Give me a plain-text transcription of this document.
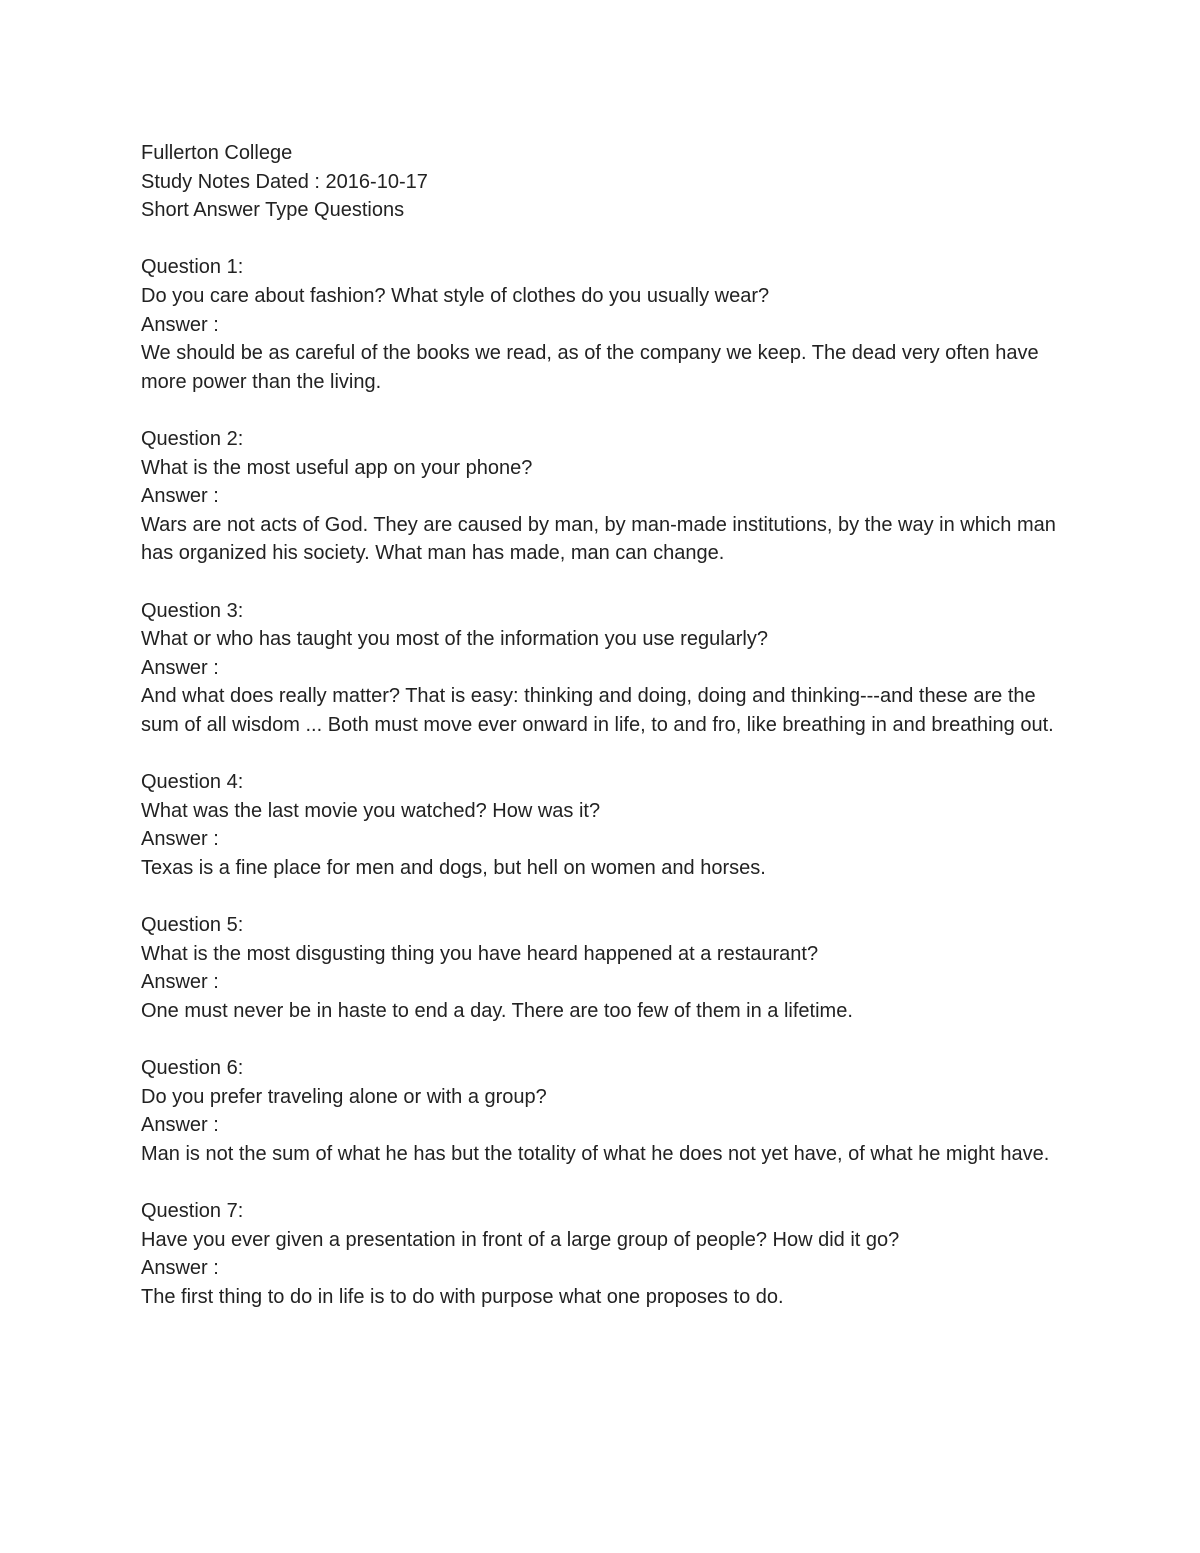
Fullerton College

Study Notes Dated : 2016-10-17

Short Answer Type Questions

Question 1:

Do you care about fashion? What style of clothes do you usually wear?

Answer :

We should be as careful of the books we read, as of the company we keep. The dead very often have more power than the living.

Question 2:

What is the most useful app on your phone?

Answer :

Wars are not acts of God. They are caused by man, by man-made institutions, by the way in which man has organized his society. What man has made, man can change.

Question 3:

What or who has taught you most of the information you use regularly?

Answer :

And what does really matter? That is easy: thinking and doing, doing and thinking---and these are the sum of all wisdom ... Both must move ever onward in life, to and fro, like breathing in and breathing out.

Question 4:

What was the last movie you watched? How was it?

Answer :

Texas is a fine place for men and dogs, but hell on women and horses.

Question 5:

What is the most disgusting thing you have heard happened at a restaurant?

Answer :

One must never be in haste to end a day. There are too few of them in a lifetime.

Question 6:

Do you prefer traveling alone or with a group?

Answer :

Man is not the sum of what he has but the totality of what he does not yet have, of what he might have.

Question 7:

Have you ever given a presentation in front of a large group of people? How did it go?

Answer :

The first thing to do in life is to do with purpose what one proposes to do.
